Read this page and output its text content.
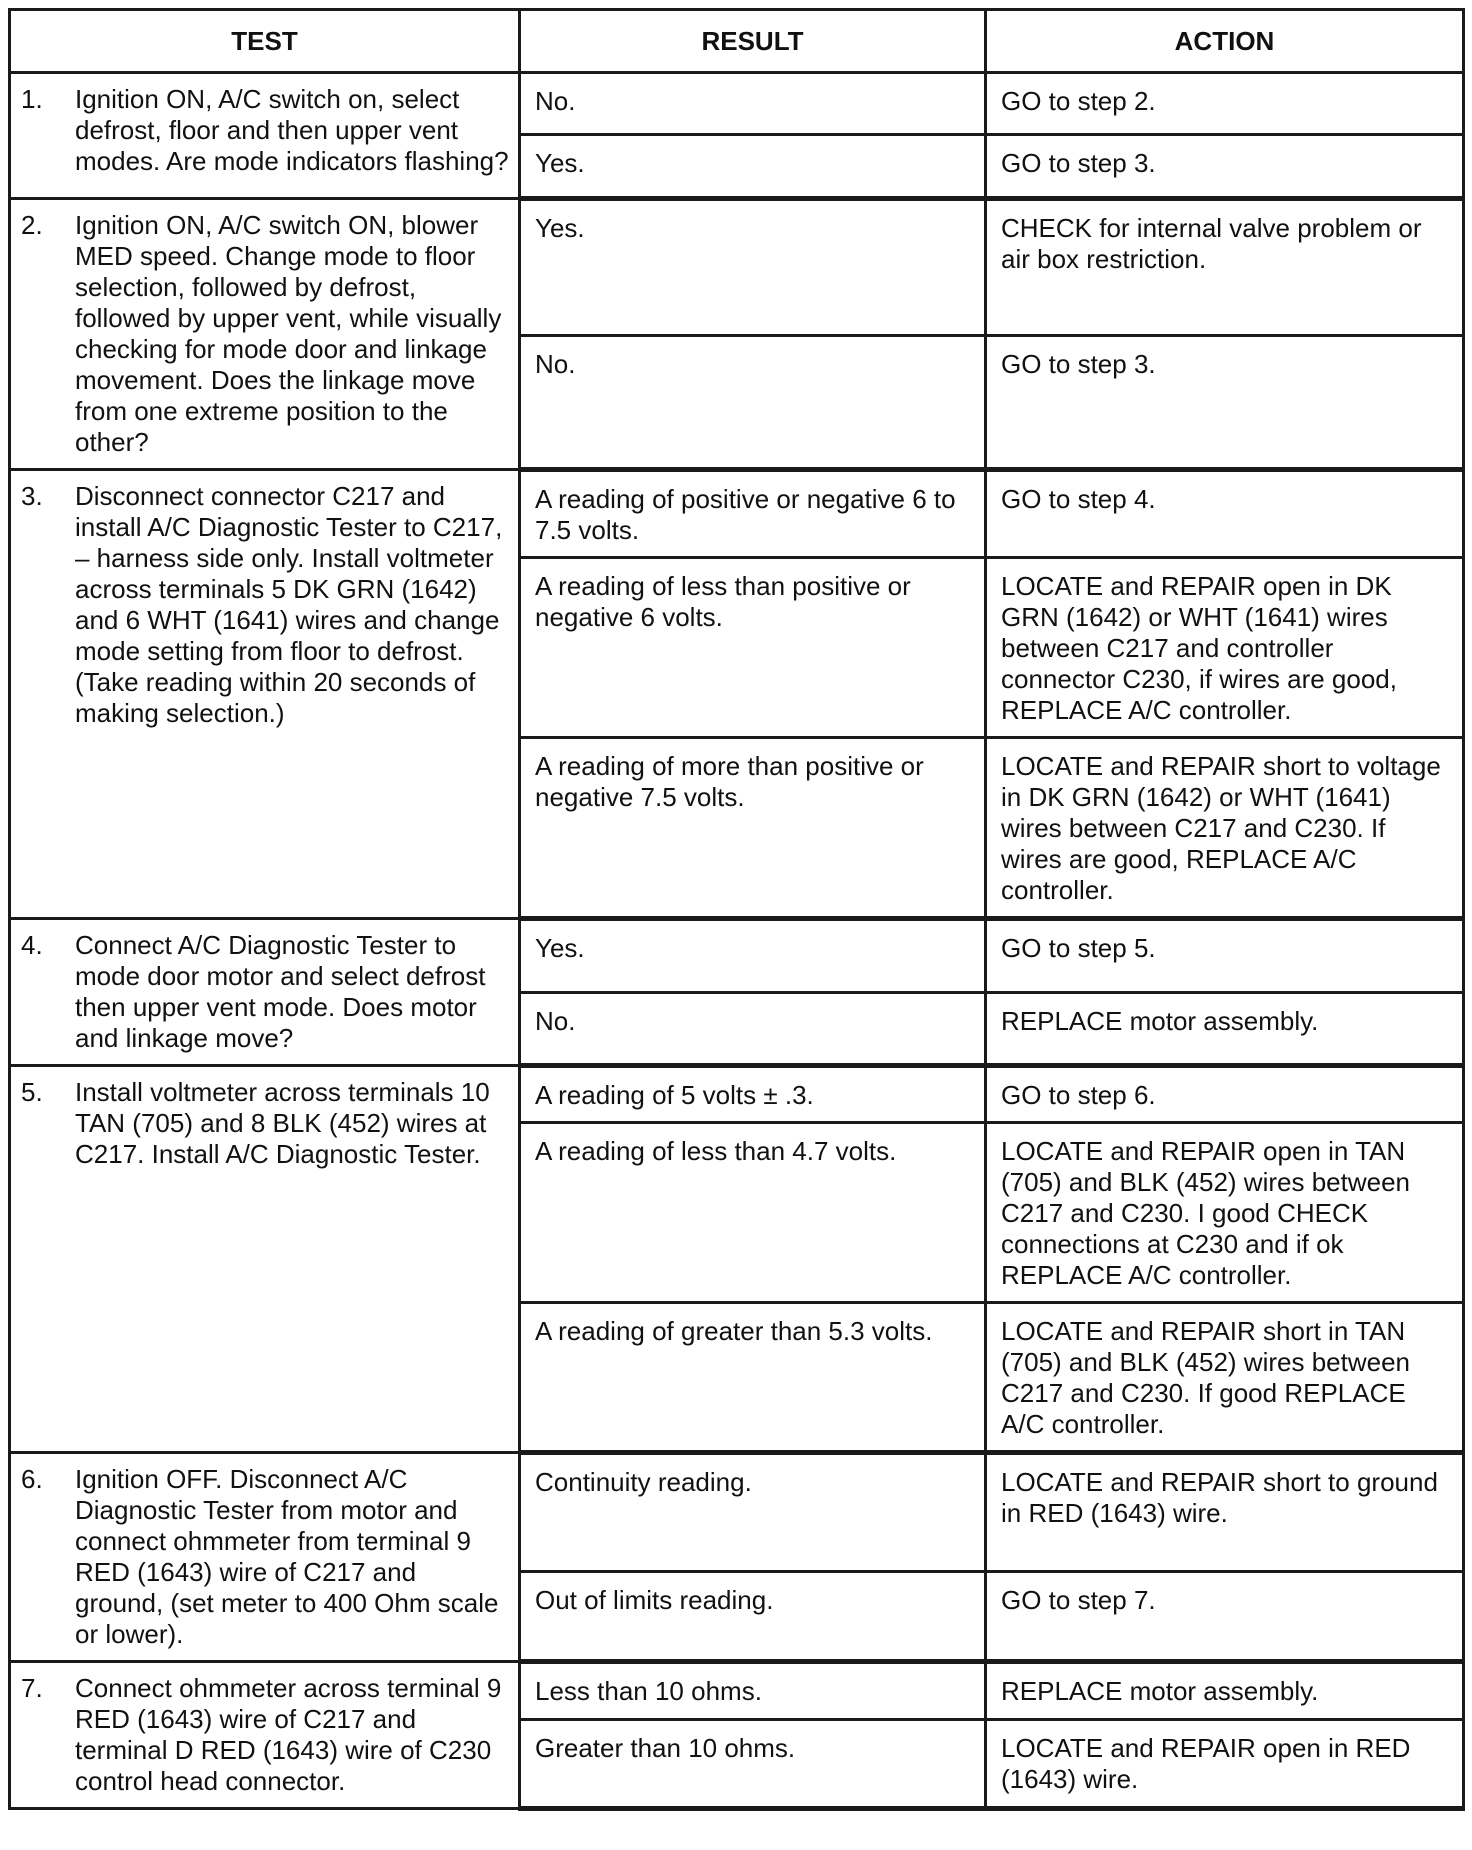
TEST	RESULT	ACTION

1. Ignition ON, A/C switch on, select defrost, floor and then upper vent modes. Are mode indicators flashing?	No.	GO to step 2.
	Yes.	GO to step 3.

2. Ignition ON, A/C switch ON, blower MED speed. Change mode to floor selection, followed by defrost, followed by upper vent, while visually checking for mode door and linkage movement. Does the linkage move from one extreme position to the other?	Yes.	CHECK for internal valve problem or air box restriction.
	No.	GO to step 3.

3. Disconnect connector C217 and install A/C Diagnostic Tester to C217, – harness side only. Install voltmeter across terminals 5 DK GRN (1642) and 6 WHT (1641) wires and change mode setting from floor to defrost. (Take reading within 20 seconds of making selection.)	A reading of positive or negative 6 to 7.5 volts.	GO to step 4.
	A reading of less than positive or negative 6 volts.	LOCATE and REPAIR open in DK GRN (1642) or WHT (1641) wires between C217 and controller connector C230, if wires are good, REPLACE A/C controller.
	A reading of more than positive or negative 7.5 volts.	LOCATE and REPAIR short to voltage in DK GRN (1642) or WHT (1641) wires between C217 and C230. If wires are good, REPLACE A/C controller.

4. Connect A/C Diagnostic Tester to mode door motor and select defrost then upper vent mode. Does motor and linkage move?	Yes.	GO to step 5.
	No.	REPLACE motor assembly.

5. Install voltmeter across terminals 10 TAN (705) and 8 BLK (452) wires at C217. Install A/C Diagnostic Tester.	A reading of 5 volts ± .3.	GO to step 6.
	A reading of less than 4.7 volts.	LOCATE and REPAIR open in TAN (705) and BLK (452) wires between C217 and C230. I good CHECK connections at C230 and if ok REPLACE A/C controller.
	A reading of greater than 5.3 volts.	LOCATE and REPAIR short in TAN (705) and BLK (452) wires between C217 and C230. If good REPLACE A/C controller.

6. Ignition OFF. Disconnect A/C Diagnostic Tester from motor and connect ohmmeter from terminal 9 RED (1643) wire of C217 and ground, (set meter to 400 Ohm scale or lower).	Continuity reading.	LOCATE and REPAIR short to ground in RED (1643) wire.
	Out of limits reading.	GO to step 7.

7. Connect ohmmeter across terminal 9 RED (1643) wire of C217 and terminal D RED (1643) wire of C230 control head connector.	Less than 10 ohms.	REPLACE motor assembly.
	Greater than 10 ohms.	LOCATE and REPAIR open in RED (1643) wire.
